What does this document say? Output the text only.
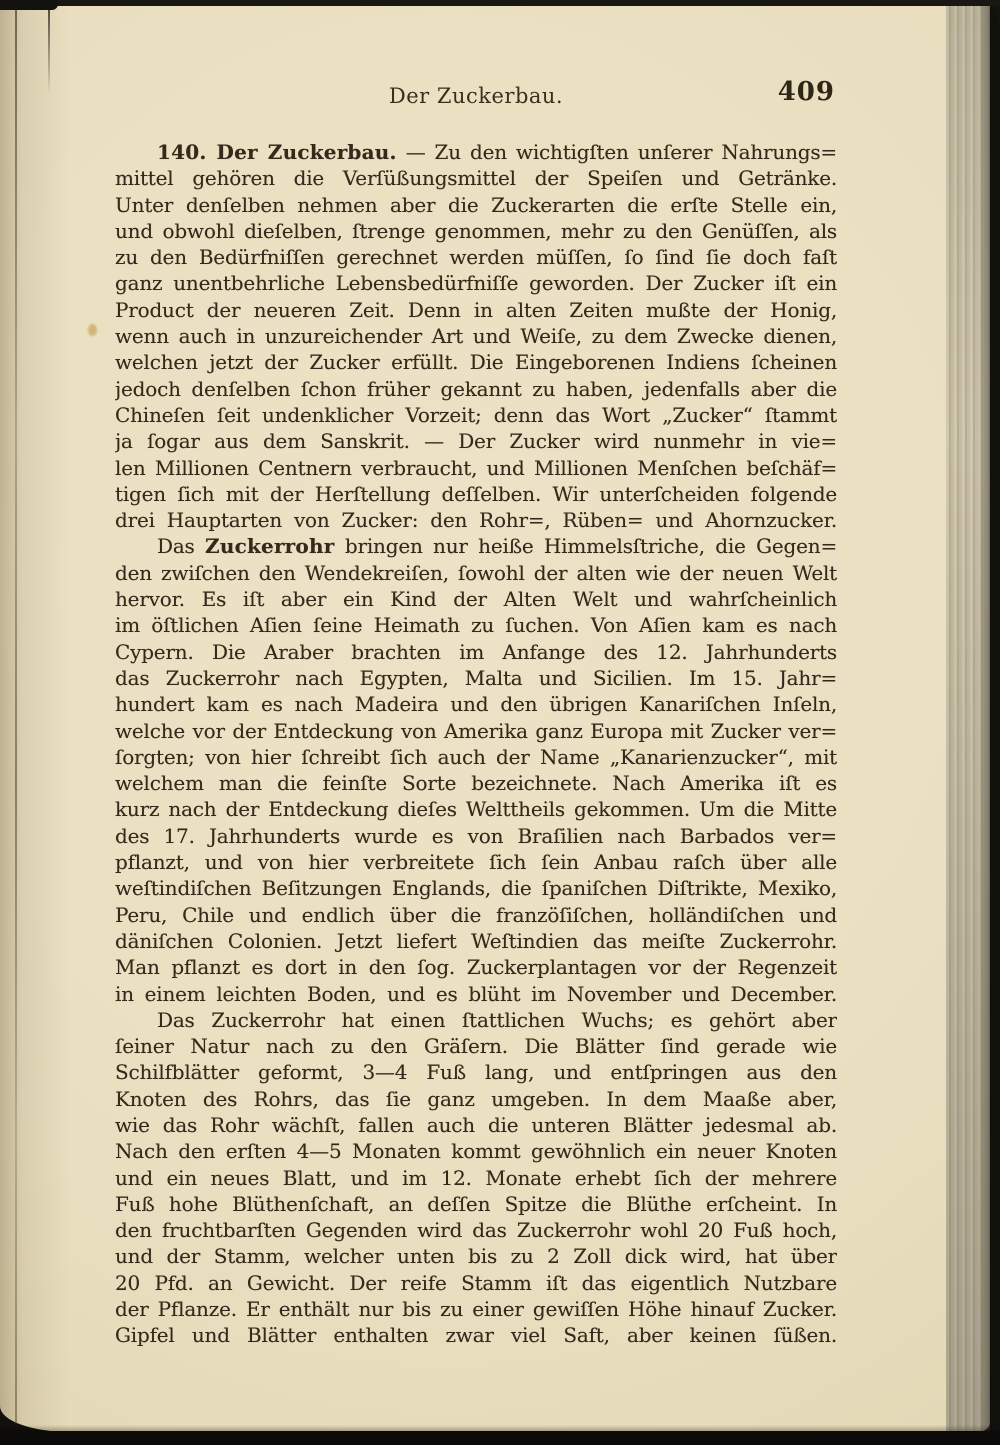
Der Zuckerbau.	409
140. Der Zuckerbau. — Zu den wichtigſten unſerer Nahrungs=
mittel gehören die Verſüßungsmittel der Speiſen und Getränke.
Unter denſelben nehmen aber die Zuckerarten die erſte Stelle ein,
und obwohl dieſelben, ſtrenge genommen, mehr zu den Genüſſen, als
zu den Bedürfniſſen gerechnet werden müſſen, ſo ſind ſie doch faſt
ganz unentbehrliche Lebensbedürfniſſe geworden. Der Zucker iſt ein
Product der neueren Zeit. Denn in alten Zeiten mußte der Honig,
wenn auch in unzureichender Art und Weiſe, zu dem Zwecke dienen,
welchen jetzt der Zucker erfüllt. Die Eingeborenen Indiens ſcheinen
jedoch denſelben ſchon früher gekannt zu haben, jedenfalls aber die
Chineſen ſeit undenklicher Vorzeit; denn das Wort „Zucker“ ſtammt
ja ſogar aus dem Sanskrit. — Der Zucker wird nunmehr in vie=
len Millionen Centnern verbraucht, und Millionen Menſchen beſchäf=
tigen ſich mit der Herſtellung deſſelben. Wir unterſcheiden folgende
drei Hauptarten von Zucker: den Rohr=, Rüben= und Ahornzucker.
Das Zuckerrohr bringen nur heiße Himmelsſtriche, die Gegen=
den zwiſchen den Wendekreiſen, ſowohl der alten wie der neuen Welt
hervor. Es iſt aber ein Kind der Alten Welt und wahrſcheinlich
im öſtlichen Aſien ſeine Heimath zu ſuchen. Von Aſien kam es nach
Cypern. Die Araber brachten im Anfange des 12. Jahrhunderts
das Zuckerrohr nach Egypten, Malta und Sicilien. Im 15. Jahr=
hundert kam es nach Madeira und den übrigen Kanariſchen Inſeln,
welche vor der Entdeckung von Amerika ganz Europa mit Zucker ver=
ſorgten; von hier ſchreibt ſich auch der Name „Kanarienzucker“, mit
welchem man die feinſte Sorte bezeichnete. Nach Amerika iſt es
kurz nach der Entdeckung dieſes Welttheils gekommen. Um die Mitte
des 17. Jahrhunderts wurde es von Braſilien nach Barbados ver=
pflanzt, und von hier verbreitete ſich ſein Anbau raſch über alle
weſtindiſchen Beſitzungen Englands, die ſpaniſchen Diſtrikte, Mexiko,
Peru, Chile und endlich über die franzöſiſchen, holländiſchen und
däniſchen Colonien. Jetzt liefert Weſtindien das meiſte Zuckerrohr.
Man pflanzt es dort in den ſog. Zuckerplantagen vor der Regenzeit
in einem leichten Boden, und es blüht im November und December.
Das Zuckerrohr hat einen ſtattlichen Wuchs; es gehört aber
ſeiner Natur nach zu den Gräſern. Die Blätter ſind gerade wie
Schilfblätter geformt, 3—4 Fuß lang, und entſpringen aus den
Knoten des Rohrs, das ſie ganz umgeben. In dem Maaße aber,
wie das Rohr wächſt, fallen auch die unteren Blätter jedesmal ab.
Nach den erſten 4—5 Monaten kommt gewöhnlich ein neuer Knoten
und ein neues Blatt, und im 12. Monate erhebt ſich der mehrere
Fuß hohe Blüthenſchaft, an deſſen Spitze die Blüthe erſcheint. In
den fruchtbarſten Gegenden wird das Zuckerrohr wohl 20 Fuß hoch,
und der Stamm, welcher unten bis zu 2 Zoll dick wird, hat über
20 Pfd. an Gewicht. Der reife Stamm iſt das eigentlich Nutzbare
der Pflanze. Er enthält nur bis zu einer gewiſſen Höhe hinauf Zucker.
Gipfel und Blätter enthalten zwar viel Saft, aber keinen ſüßen.
